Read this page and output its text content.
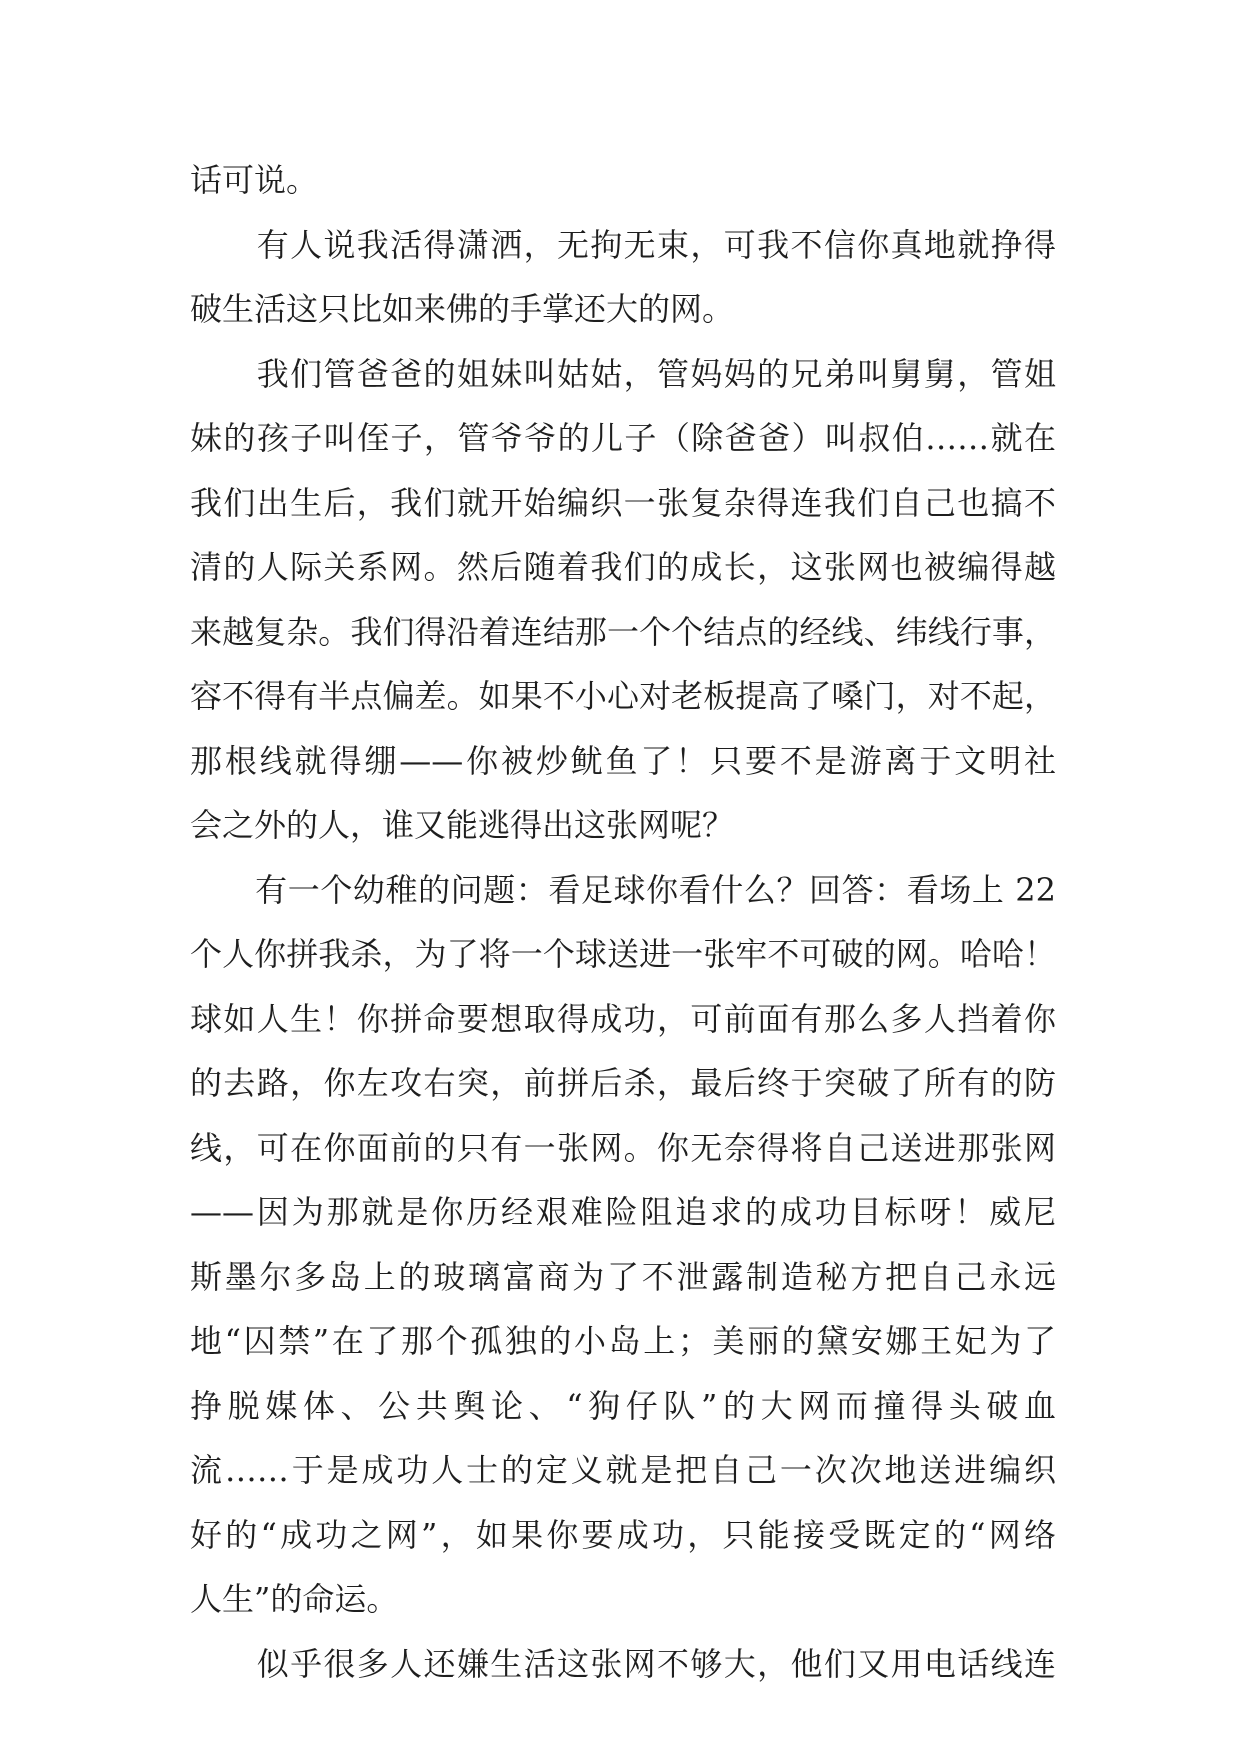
话可说。
　　有人说我活得潇洒，无拘无束，可我不信你真地就挣得
破生活这只比如来佛的手掌还大的网。
　　我们管爸爸的姐妹叫姑姑，管妈妈的兄弟叫舅舅，管姐
妹的孩子叫侄子，管爷爷的儿子（除爸爸）叫叔伯……就在
我们出生后，我们就开始编织一张复杂得连我们自己也搞不
清的人际关系网。然后随着我们的成长，这张网也被编得越
来越复杂。我们得沿着连结那一个个结点的经线、纬线行事，
容不得有半点偏差。如果不小心对老板提高了嗓门，对不起，
那根线就得绷——你被炒鱿鱼了！只要不是游离于文明社
会之外的人，谁又能逃得出这张网呢？
　　有一个幼稚的问题：看足球你看什么？回答：看场上 22
个人你拼我杀，为了将一个球送进一张牢不可破的网。哈哈！
球如人生！你拼命要想取得成功，可前面有那么多人挡着你
的去路，你左攻右突，前拼后杀，最后终于突破了所有的防
线，可在你面前的只有一张网。你无奈得将自己送进那张网
——因为那就是你历经艰难险阻追求的成功目标呀！威尼
斯墨尔多岛上的玻璃富商为了不泄露制造秘方把自己永远
地“囚禁”在了那个孤独的小岛上；美丽的黛安娜王妃为了
挣脱媒体、公共舆论、“狗仔队”的大网而撞得头破血
流……于是成功人士的定义就是把自己一次次地送进编织
好的“成功之网”，如果你要成功，只能接受既定的“网络
人生”的命运。
　　似乎很多人还嫌生活这张网不够大，他们又用电话线连
